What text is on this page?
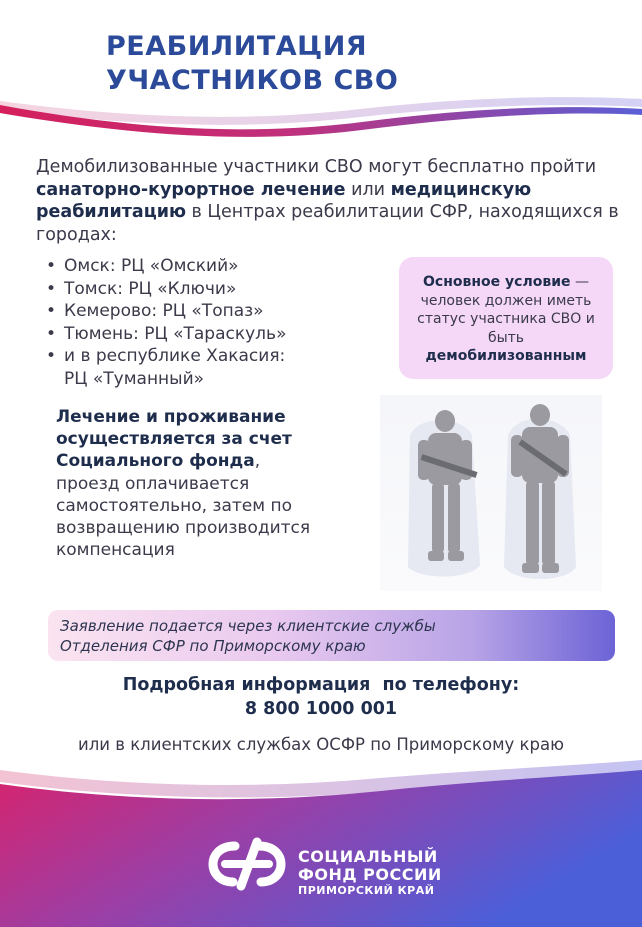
РЕАБИЛИТАЦИЯ
УЧАСТНИКОВ СВО
Демобилизованные участники СВО могут бесплатно пройти санаторно-курортное лечение или медицинскую реабилитацию в Центрах реабилитации СФР, находящихся в городах:
• Омск: РЦ «Омский»
• Томск: РЦ «Ключи»
• Кемерово: РЦ «Топаз»
• Тюмень: РЦ «Тараскуль»
• и в республике Хакасия:
РЦ «Туманный»
Основное условие — человек должен иметь статус участника СВО и быть
демобилизованным
Лечение и проживание осуществляется за счет Социального фонда, проезд оплачивается самостоятельно, затем по возвращению производится компенсация
Заявление подается через клиентские службы
Отделения СФР по Приморскому краю
Подробная информация  по телефону:
8 800 1000 001
или в клиентских службах ОСФР по Приморскому краю
СОЦИАЛЬНЫЙ
ФОНД РОССИИ
ПРИМОРСКИЙ КРАЙ
